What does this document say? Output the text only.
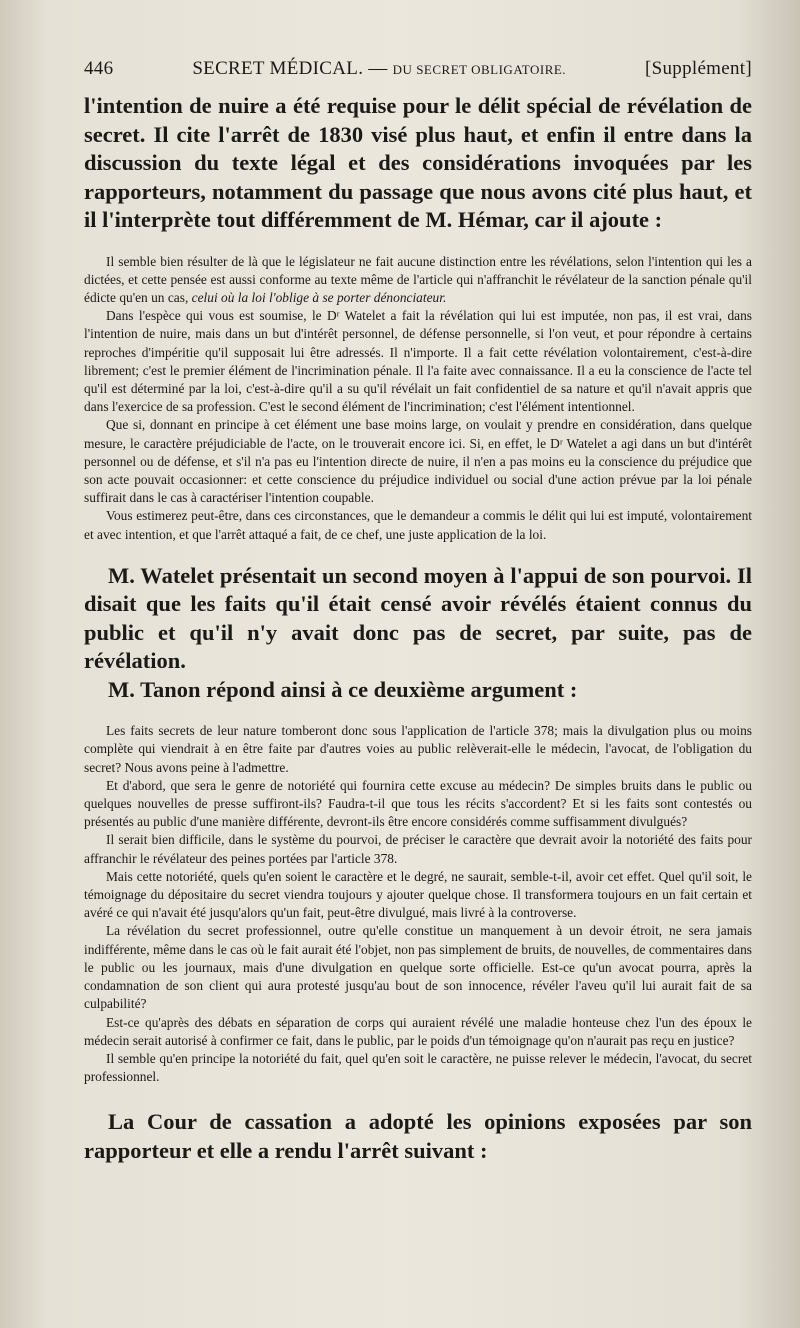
446	SECRET MÉDICAL. — DU SECRET OBLIGATOIRE.	[Supplément]

l'intention de nuire a été requise pour le délit spécial de révélation de secret. Il cite l'arrêt de 1830 visé plus haut, et enfin il entre dans la discussion du texte légal et des considérations invoquées par les rapporteurs, notamment du passage que nous avons cité plus haut, et il l'interprète tout différemment de M. Hémar, car il ajoute :

Il semble bien résulter de là que le législateur ne fait aucune distinction entre les révélations, selon l'intention qui les a dictées, et cette pensée est aussi conforme au texte même de l'article qui n'affranchit le révélateur de la sanction pénale qu'il édicte qu'en un cas, celui où la loi l'oblige à se porter dénonciateur.

Dans l'espèce qui vous est soumise, le Dʳ Watelet a fait la révélation qui lui est imputée, non pas, il est vrai, dans l'intention de nuire, mais dans un but d'intérêt personnel, de défense personnelle, si l'on veut, et pour répondre à certains reproches d'impéritie qu'il supposait lui être adressés. Il n'importe. Il a fait cette révélation volontairement, c'est-à-dire librement; c'est le premier élément de l'incrimination pénale. Il l'a faite avec connaissance. Il a eu la conscience de l'acte tel qu'il est déterminé par la loi, c'est-à-dire qu'il a su qu'il révélait un fait confidentiel de sa nature et qu'il n'avait appris que dans l'exercice de sa profession. C'est le second élément de l'incrimination; c'est l'élément intentionnel.

Que si, donnant en principe à cet élément une base moins large, on voulait y prendre en considération, dans quelque mesure, le caractère préjudiciable de l'acte, on le trouverait encore ici. Si, en effet, le Dʳ Watelet a agi dans un but d'intérêt personnel ou de défense, et s'il n'a pas eu l'intention directe de nuire, il n'en a pas moins eu la conscience du préjudice que son acte pouvait occasionner: et cette conscience du préjudice individuel ou social d'une action prévue par la loi pénale suffirait dans le cas à caractériser l'intention coupable.

Vous estimerez peut-être, dans ces circonstances, que le demandeur a commis le délit qui lui est imputé, volontairement et avec intention, et que l'arrêt attaqué a fait, de ce chef, une juste application de la loi.

M. Watelet présentait un second moyen à l'appui de son pourvoi. Il disait que les faits qu'il était censé avoir révélés étaient connus du public et qu'il n'y avait donc pas de secret, par suite, pas de révélation.

M. Tanon répond ainsi à ce deuxième argument :

Les faits secrets de leur nature tomberont donc sous l'application de l'article 378; mais la divulgation plus ou moins complète qui viendrait à en être faite par d'autres voies au public relèverait-elle le médecin, l'avocat, de l'obligation du secret? Nous avons peine à l'admettre.

Et d'abord, que sera le genre de notoriété qui fournira cette excuse au médecin? De simples bruits dans le public ou quelques nouvelles de presse suffiront-ils? Faudra-t-il que tous les récits s'accordent? Et si les faits sont contestés ou présentés au public d'une manière différente, devront-ils être encore considérés comme suffisamment divulgués?

Il serait bien difficile, dans le système du pourvoi, de préciser le caractère que devrait avoir la notoriété des faits pour affranchir le révélateur des peines portées par l'article 378.

Mais cette notoriété, quels qu'en soient le caractère et le degré, ne saurait, semble-t-il, avoir cet effet. Quel qu'il soit, le témoignage du dépositaire du secret viendra toujours y ajouter quelque chose. Il transformera toujours en un fait certain et avéré ce qui n'avait été jusqu'alors qu'un fait, peut-être divulgué, mais livré à la controverse.

La révélation du secret professionnel, outre qu'elle constitue un manquement à un devoir étroit, ne sera jamais indifférente, même dans le cas où le fait aurait été l'objet, non pas simplement de bruits, de nouvelles, de commentaires dans le public ou les journaux, mais d'une divulgation en quelque sorte officielle. Est-ce qu'un avocat pourra, après la condamnation de son client qui aura protesté jusqu'au bout de son innocence, révéler l'aveu qu'il lui aurait fait de sa culpabilité?

Est-ce qu'après des débats en séparation de corps qui auraient révélé une maladie honteuse chez l'un des époux le médecin serait autorisé à confirmer ce fait, dans le public, par le poids d'un témoignage qu'on n'aurait pas reçu en justice?

Il semble qu'en principe la notoriété du fait, quel qu'en soit le caractère, ne puisse relever le médecin, l'avocat, du secret professionnel.

La Cour de cassation a adopté les opinions exposées par son rapporteur et elle a rendu l'arrêt suivant :
